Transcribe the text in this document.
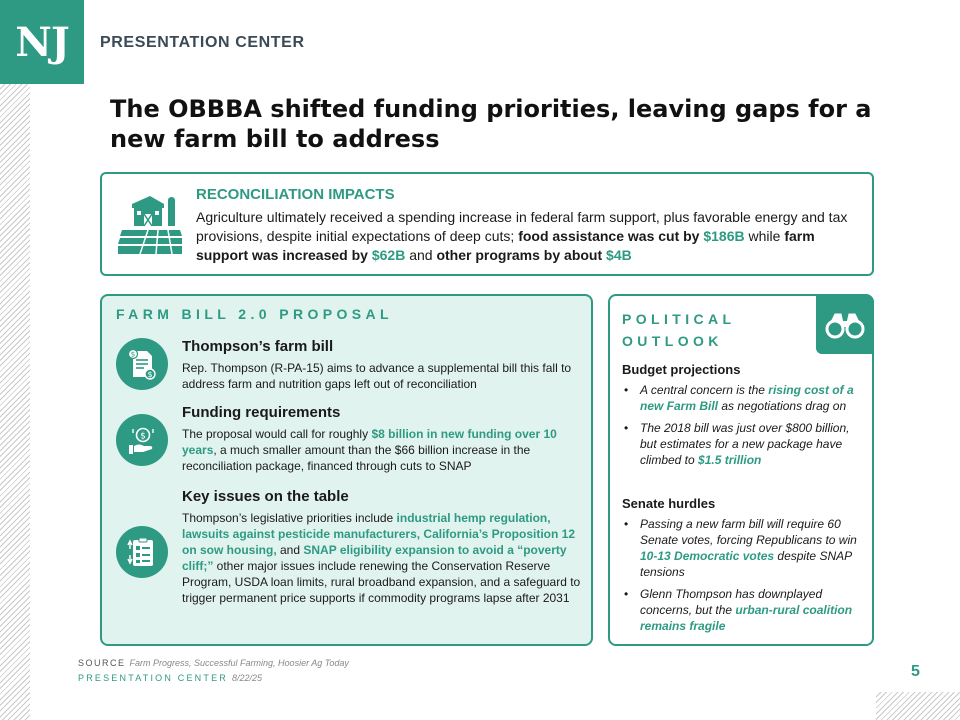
NJ PRESENTATION CENTER
The OBBBA shifted funding priorities, leaving gaps for a new farm bill to address
RECONCILIATION IMPACTS

Agriculture ultimately received a spending increase in federal farm support, plus favorable energy and tax provisions, despite initial expectations of deep cuts; food assistance was cut by $186B while farm support was increased by $62B and other programs by about $4B

FARM BILL 2.0 PROPOSAL
$
$
Thompson’s farm bill

Rep. Thompson (R-PA-15) aims to advance a supplemental bill this fall to address farm and nutrition gaps left out of reconciliation

$
Funding requirements

The proposal would call for roughly $8 billion in new funding over 10 years, a much smaller amount than the $66 billion increase in the reconciliation package, financed through cuts to SNAP

Key issues on the table

Thompson’s legislative priorities include industrial hemp regulation, lawsuits against pesticide manufacturers, California’s Proposition 12 on sow housing, and SNAP eligibility expansion to avoid a “poverty cliff;” other major issues include renewing the Conservation Reserve Program, USDA loan limits, rural broadband expansion, and a safeguard to trigger permanent price supports if commodity programs lapse after 2031

POLITICAL
OUTLOOK
Budget projections
• A central concern is the rising cost of a new Farm Bill as negotiations drag on
• The 2018 bill was just over $800 billion, but estimates for a new package have climbed to $1.5 trillion
Senate hurdles
• Passing a new farm bill will require 60 Senate votes, forcing Republicans to win 10-13 Democratic votes despite SNAP tensions
• Glenn Thompson has downplayed concerns, but the urban-rural coalition remains fragile
SOURCE Farm Progress, Successful Farming, Hoosier Ag Today
PRESENTATION CENTER 8/22/25	5
